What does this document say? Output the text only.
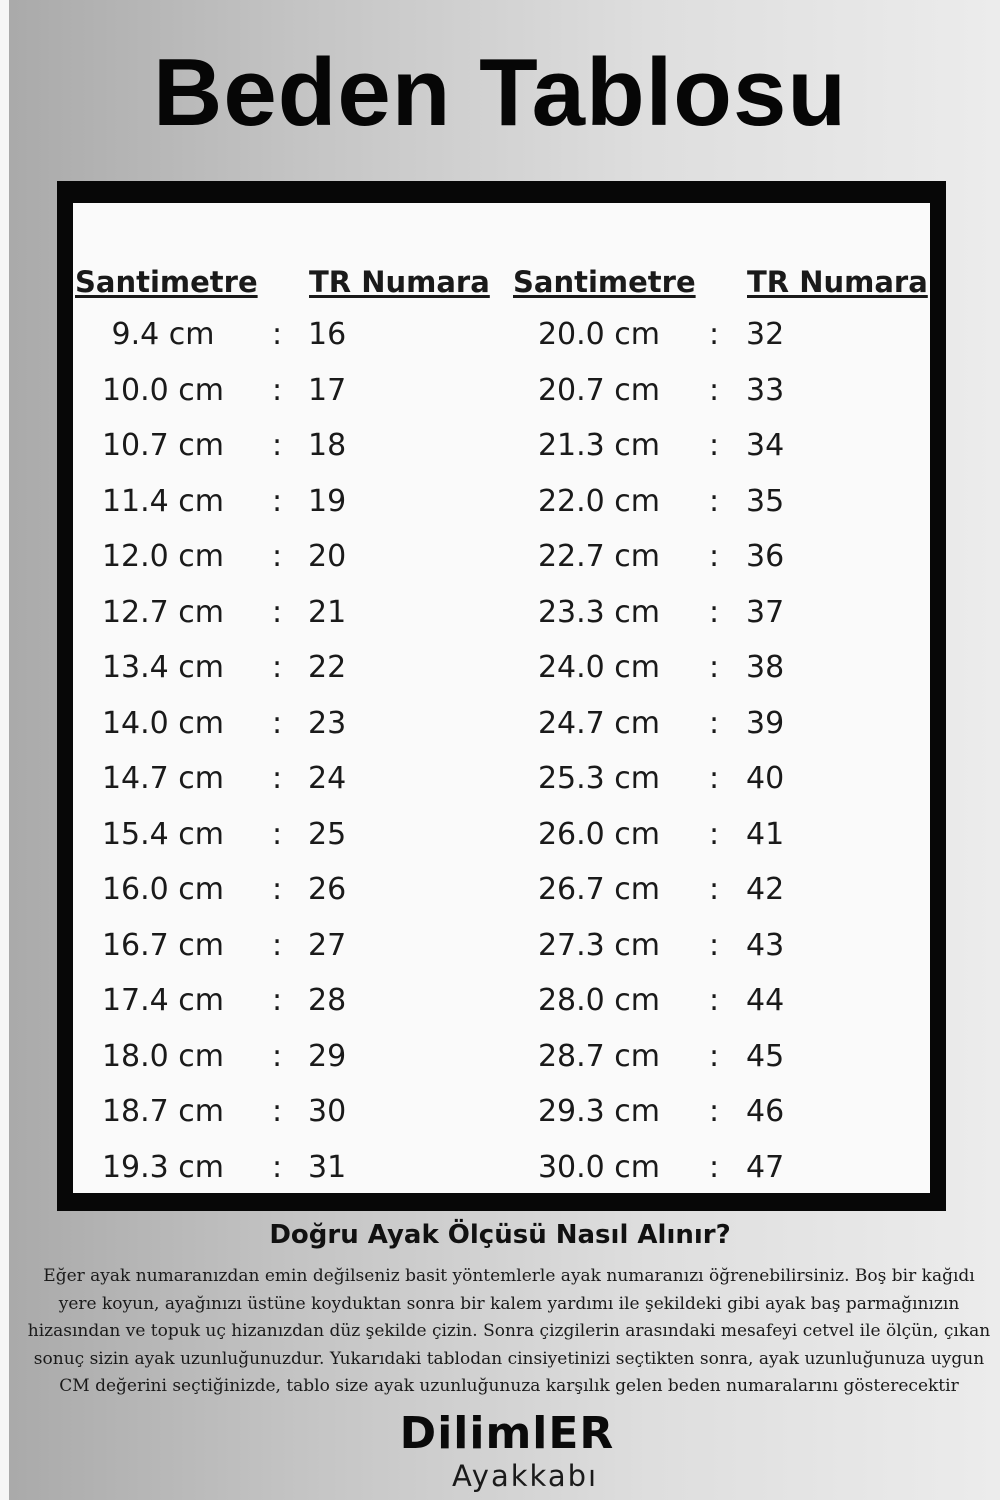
Beden Tablosu
Santimetre TR Numara Santimetre TR Numara
9.4 cm	: 16	20.0 cm	: 32
10.0 cm	: 17	20.7 cm	: 33
10.7 cm	: 18	21.3 cm	: 34
11.4 cm	: 19	22.0 cm	: 35
12.0 cm	: 20	22.7 cm	: 36
12.7 cm	: 21	23.3 cm	: 37
13.4 cm	: 22	24.0 cm	: 38
14.0 cm	: 23	24.7 cm	: 39
14.7 cm	: 24	25.3 cm	: 40
15.4 cm	: 25	26.0 cm	: 41
16.0 cm	: 26	26.7 cm	: 42
16.7 cm	: 27	27.3 cm	: 43
17.4 cm	: 28	28.0 cm	: 44
18.0 cm	: 29	28.7 cm	: 45
18.7 cm	: 30	29.3 cm	: 46
19.3 cm	: 31	30.0 cm	: 47
Doğru Ayak Ölçüsü Nasıl Alınır?

Eğer ayak numaranızdan emin değilseniz basit yöntemlerle ayak numaranızı öğrenebilirsiniz. Boş bir kağıdı yere koyun, ayağınızı üstüne koyduktan sonra bir kalem yardımı ile şekildeki gibi ayak baş parmağınızın hizasından ve topuk uç hizanızdan düz şekilde çizin. Sonra çizgilerin arasındaki mesafeyi cetvel ile ölçün, çıkan sonuç sizin ayak uzunluğunuzdur. Yukarıdaki tablodan cinsiyetinizi seçtikten sonra, ayak uzunluğunuza uygun CM değerini seçtiğinizde, tablo size ayak uzunluğunuza karşılık gelen beden numaralarını gösterecektir

DilimlER
Ayakkabı
